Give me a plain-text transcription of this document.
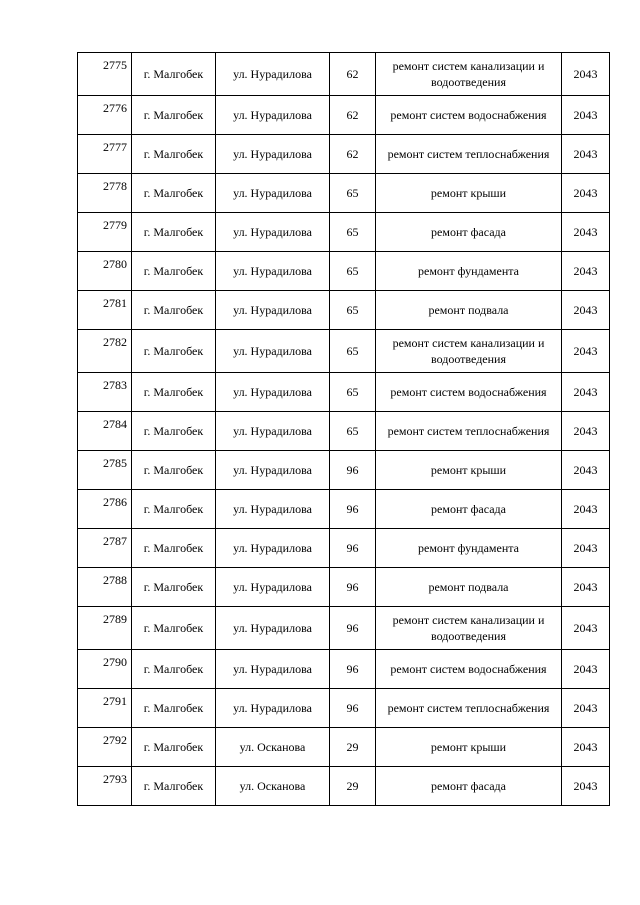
2775	г. Малгобек	ул. Нурадилова	62	ремонт систем канализации и водоотведения	2043
2776	г. Малгобек	ул. Нурадилова	62	ремонт систем водоснабжения	2043
2777	г. Малгобек	ул. Нурадилова	62	ремонт систем теплоснабжения	2043
2778	г. Малгобек	ул. Нурадилова	65	ремонт крыши	2043
2779	г. Малгобек	ул. Нурадилова	65	ремонт фасада	2043
2780	г. Малгобек	ул. Нурадилова	65	ремонт фундамента	2043
2781	г. Малгобек	ул. Нурадилова	65	ремонт подвала	2043
2782	г. Малгобек	ул. Нурадилова	65	ремонт систем канализации и водоотведения	2043
2783	г. Малгобек	ул. Нурадилова	65	ремонт систем водоснабжения	2043
2784	г. Малгобек	ул. Нурадилова	65	ремонт систем теплоснабжения	2043
2785	г. Малгобек	ул. Нурадилова	96	ремонт крыши	2043
2786	г. Малгобек	ул. Нурадилова	96	ремонт фасада	2043
2787	г. Малгобек	ул. Нурадилова	96	ремонт фундамента	2043
2788	г. Малгобек	ул. Нурадилова	96	ремонт подвала	2043
2789	г. Малгобек	ул. Нурадилова	96	ремонт систем канализации и водоотведения	2043
2790	г. Малгобек	ул. Нурадилова	96	ремонт систем водоснабжения	2043
2791	г. Малгобек	ул. Нурадилова	96	ремонт систем теплоснабжения	2043
2792	г. Малгобек	ул. Осканова	29	ремонт крыши	2043
2793	г. Малгобек	ул. Осканова	29	ремонт фасада	2043
